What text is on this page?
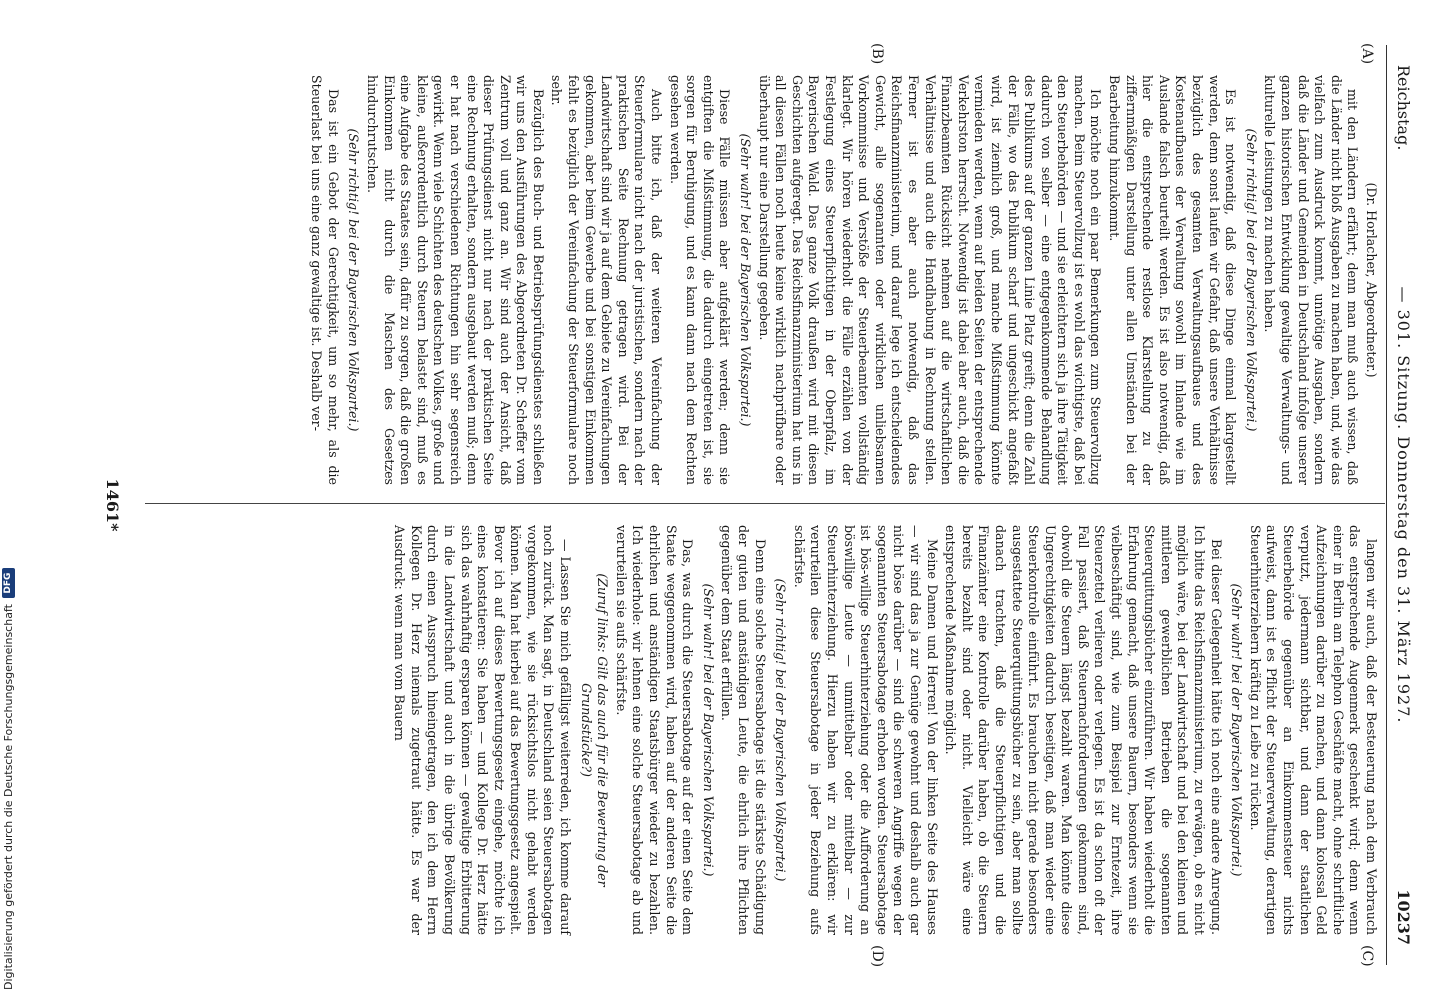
Reichstag.
— 301. Sitzung. Donnerstag den 31. März 1927.
10237
(A)
(B)
(C)
(D)

(Dr. Horlacher, Abgeordneter.)

mit den Ländern erfährt; denn man muß auch wissen, daß die Länder nicht bloß Ausgaben zu machen haben, und, wie das vielfach zum Ausdruck kommt, unnötige Ausgaben, sondern daß die Länder und Gemeinden in Deutschland infolge unserer ganzen historischen Entwicklung gewaltige Verwaltungs- und kulturelle Leistungen zu machen haben.

(Sehr richtig! bei der Bayerischen Volkspartei.)

Es ist notwendig, daß diese Dinge einmal klargestellt werden, denn sonst laufen wir Gefahr, daß unsere Verhältnisse bezüglich des gesamten Verwaltungsaufbaues und des Kostenaufbaues der Verwaltung sowohl im Inlande wie im Auslande falsch beurteilt werden. Es ist also notwendig, daß hier die entsprechende restlose Klarstellung zu der ziffernmäßigen Darstellung unter allen Umständen bei der Bearbeitung hinzukommt.

Ich möchte noch ein paar Bemerkungen zum Steuervollzug machen. Beim Steuervollzug ist es wohl das wichtigste, daß bei den Steuerbehörden — und sie erleichtern sich ja ihre Tätigkeit dadurch von selber — eine entgegenkommende Behandlung des Publikums auf der ganzen Linie Platz greift; denn die Zahl der Fälle, wo das Publikum scharf und ungeschickt angefaßt wird, ist ziemlich groß, und manche Mißstimmung könnte vermieden werden, wenn auf beiden Seiten der entsprechende Verkehrston herrscht. Notwendig ist dabei aber auch, daß die Finanzbeamten Rücksicht nehmen auf die wirtschaftlichen Verhältnisse und auch die Handhabung in Rechnung stellen. Ferner ist es aber auch notwendig, daß das Reichsfinanzministerium, und darauf lege ich entscheidendes Gewicht, alle sogenannten oder wirklichen unliebsamen Vorkommnisse und Verstöße der Steuerbeamten vollständig klarlegt. Wir hören wiederholt die Fälle erzählen von der Festlegung eines Steuerpflichtigen in der Oberpfalz, im Bayerischen Wald. Das ganze Volk draußen wird mit diesen Geschichten aufgeregt. Das Reichsfinanzministerium hat uns in all diesen Fällen noch heute keine wirklich nachprüfbare oder überhaupt nur eine Darstellung gegeben.

(Sehr wahr! bei der Bayerischen Volkspartei.)

Diese Fälle müssen aber aufgeklärt werden; denn sie entgiften die Mißstimmung, die dadurch eingetreten ist, sie sorgen für Beruhigung, und es kann dann nach dem Rechten gesehen werden.

Auch bitte ich, daß der weiteren Vereinfachung der Steuerformulare nicht nach der juristischen, sondern nach der praktischen Seite Rechnung getragen wird. Bei der Landwirtschaft sind wir ja auf dem Gebiete zu Vereinfachungen gekommen, aber beim Gewerbe und bei sonstigen Einkommen fehlt es bezüglich der Vereinfachung der Steuerformulare noch sehr.

Bezüglich des Buch- und Betriebsprüfungsdienstes schließen wir uns den Ausführungen des Abgeordneten Dr. Scheffer vom Zentrum voll und ganz an. Wir sind auch der Ansicht, daß dieser Prüfungsdienst nicht nur nach der praktischen Seite eine Rechnung erhalten, sondern ausgebaut werden muß; denn er hat nach verschiedenen Richtungen hin sehr segensreich gewirkt. Wenn viele Schichten des deutschen Volkes, große und kleine, außerordentlich durch Steuern belastet sind, muß es eine Aufgabe des Staates sein, dafür zu sorgen, daß die großen Einkommen nicht durch die Maschen des Gesetzes hindurchrutschen.

(Sehr richtig! bei der Bayerischen Volkspartei.)

Das ist ein Gebot der Gerechtigkeit, um so mehr, als die Steuerlast bei uns eine ganz gewaltige ist. Deshalb ver-

langen wir auch, daß der Besteuerung nach dem Verbrauch das entsprechende Augenmerk geschenkt wird; denn wenn einer in Berlin am Telephon Geschäfte macht, ohne schriftliche Aufzeichnungen darüber zu machen, und dann kolossal Geld verputzt, jedermann sichtbar, und dann der staatlichen Steuerbehörde gegenüber an Einkommensteuer nichts aufweist, dann ist es Pflicht der Steuerverwaltung, derartigen Steuerhinterziehern kräftig zu Leibe zu rücken.

(Sehr wahr! bei der Bayerischen Volkspartei.)

Bei dieser Gelegenheit hätte ich noch eine andere Anregung. Ich bitte das Reichsfinanzministerium, zu erwägen, ob es nicht möglich wäre, bei der Landwirtschaft und bei den kleinen und mittleren gewerblichen Betrieben die sogenannten Steuerquittungsbücher einzuführen. Wir haben wiederholt die Erfahrung gemacht, daß unsere Bauern, besonders wenn sie vielbeschäftigt sind, wie zum Beispiel zur Erntezeit, ihre Steuerzettel verlieren oder verlegen. Es ist da schon oft der Fall passiert, daß Steuernachforderungen gekommen sind, obwohl die Steuern längst bezahlt waren. Man könnte diese Ungerechtigkeiten dadurch beseitigen, daß man wieder eine Steuerkontrolle einführt. Es brauchen nicht gerade besonders ausgestattete Steuerquittungsbücher zu sein, aber man sollte danach trachten, daß die Steuerpflichtigen und die Finanzämter eine Kontrolle darüber haben, ob die Steuern bereits bezahlt sind oder nicht. Vielleicht wäre eine entsprechende Maßnahme möglich.

Meine Damen und Herren! Von der linken Seite des Hauses — wir sind das ja zur Genüge gewohnt und deshalb auch gar nicht böse darüber — sind die schweren Angriffe wegen der sogenannten Steuersabotage erhoben worden. Steuersabotage ist bös-willige Steuerhinterziehung oder die Aufforderung an böswillige Leute — unmittelbar oder mittelbar — zur Steuerhinterziehung. Hierzu haben wir zu erklären: wir verurteilen diese Steuersabotage in jeder Beziehung aufs schärfste.

(Sehr richtig! bei der Bayerischen Volkspartei.)

Denn eine solche Steuersabotage ist die stärkste Schädigung der guten und anständigen Leute, die ehrlich ihre Pflichten gegenüber dem Staat erfüllen.

(Sehr wahr! bei der Bayerischen Volkspartei.)

Das, was durch die Steuersabotage auf der einen Seite dem Staate weggenommen wird, haben auf der anderen Seite die ehrlichen und anständigen Staatsbürger wieder zu bezahlen. Ich wiederhole: wir lehnen eine solche Steuersabotage ab und verurteilen sie aufs schärfste.

(Zuruf links: Gilt das auch für die Bewertung der Grundstücke?)

— Lassen Sie mich gefälligst weiterreden, ich komme darauf noch zurück. Man sagt, in Deutschland seien Steuersabotagen vorgekommen, wie sie rücksichtslos nicht gehabt werden können. Man hat hierbei auf das Bewertungsgesetz angespielt. Bevor ich auf dieses Bewertungsgesetz eingehe, möchte ich eines konstatieren: Sie haben — und Kollege Dr. Herz hätte sich das wahrhaftig ersparen können — gewaltige Erbitterung in die Landwirtschaft und auch in die übrige Bevölkerung durch einen Ausspruch hineingetragen, den ich dem Herrn Kollegen Dr. Herz niemals zugetraut hätte. Es war der Ausdruck: wenn man vom Bauern

1461*
Digitalisierung gefördert durch die Deutsche Forschungsgemeinschaft
DFG
